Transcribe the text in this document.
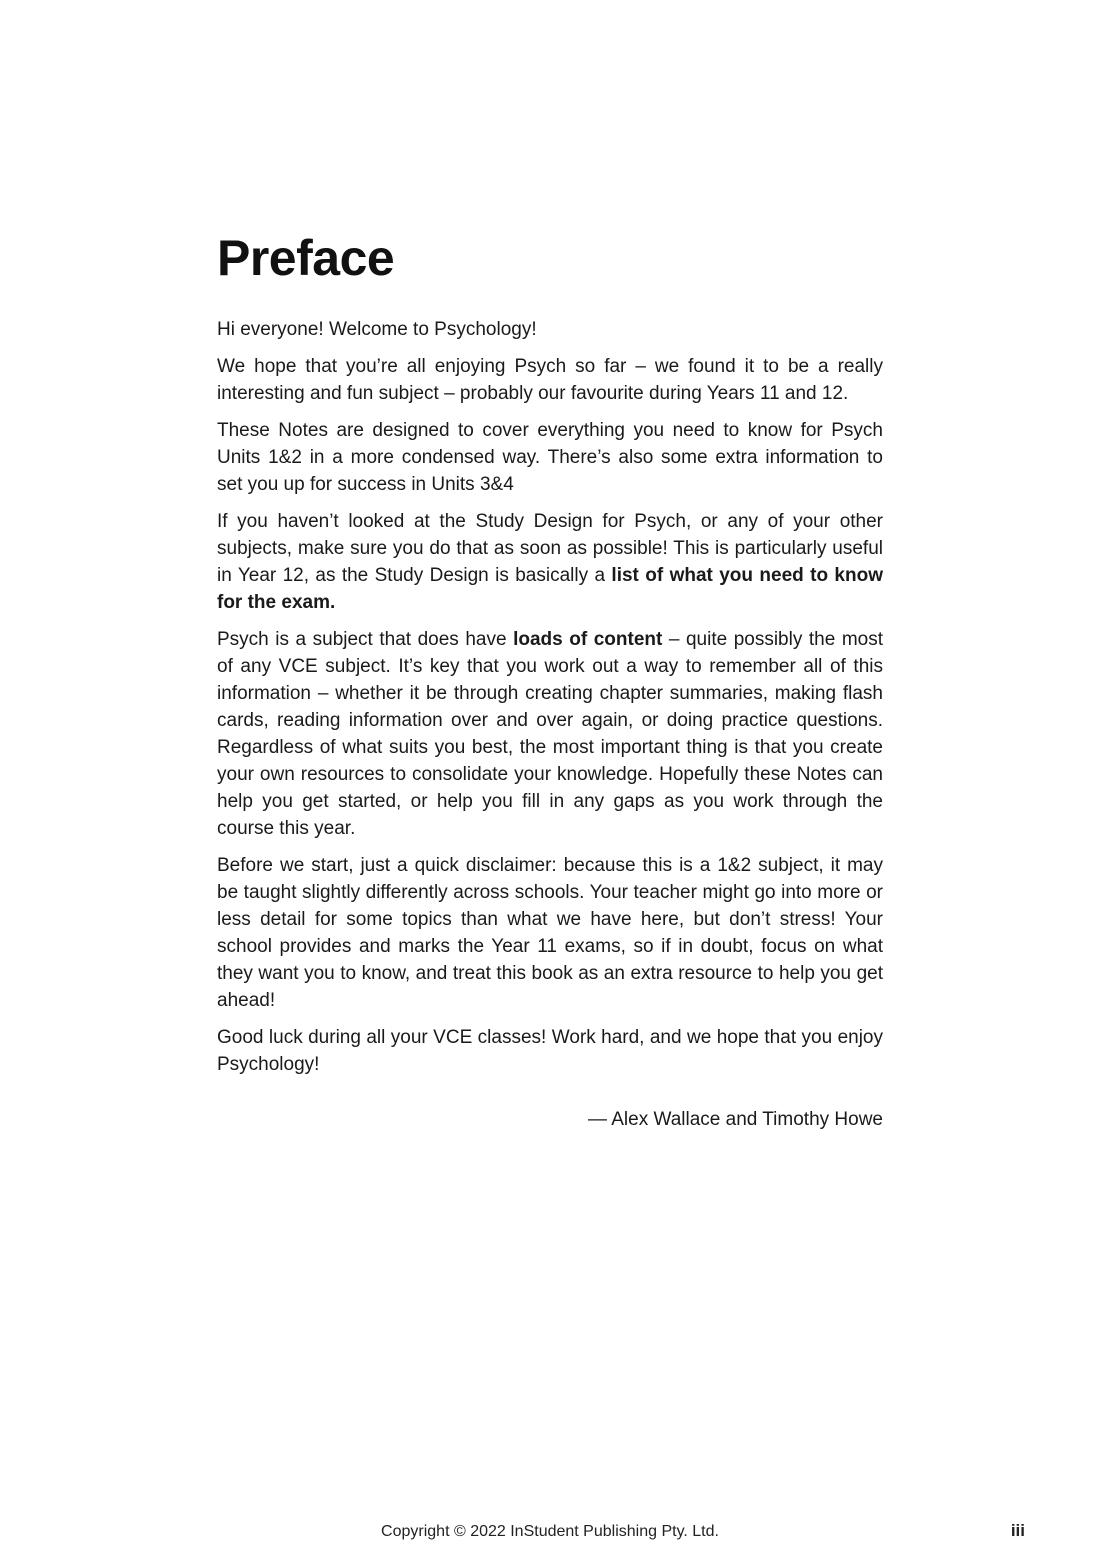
Preface

Hi everyone! Welcome to Psychology!

We hope that you’re all enjoying Psych so far – we found it to be a really interesting and fun subject – probably our favourite during Years 11 and 12.

These Notes are designed to cover everything you need to know for Psych Units 1&2 in a more condensed way. There’s also some extra information to set you up for success in Units 3&4

If you haven’t looked at the Study Design for Psych, or any of your other subjects, make sure you do that as soon as possible! This is particularly useful in Year 12, as the Study Design is basically a list of what you need to know for the exam.

Psych is a subject that does have loads of content – quite possibly the most of any VCE subject. It’s key that you work out a way to remember all of this information – whether it be through creating chapter summaries, making flash cards, reading information over and over again, or doing practice questions. Regardless of what suits you best, the most important thing is that you create your own resources to consolidate your knowledge. Hopefully these Notes can help you get started, or help you fill in any gaps as you work through the course this year.

Before we start, just a quick disclaimer: because this is a 1&2 subject, it may be taught slightly differently across schools. Your teacher might go into more or less detail for some topics than what we have here, but don’t stress! Your school provides and marks the Year 11 exams, so if in doubt, focus on what they want you to know, and treat this book as an extra resource to help you get ahead!

Good luck during all your VCE classes! Work hard, and we hope that you enjoy Psychology!

— Alex Wallace and Timothy Howe
Copyright © 2022 InStudent Publishing Pty. Ltd.	iii
